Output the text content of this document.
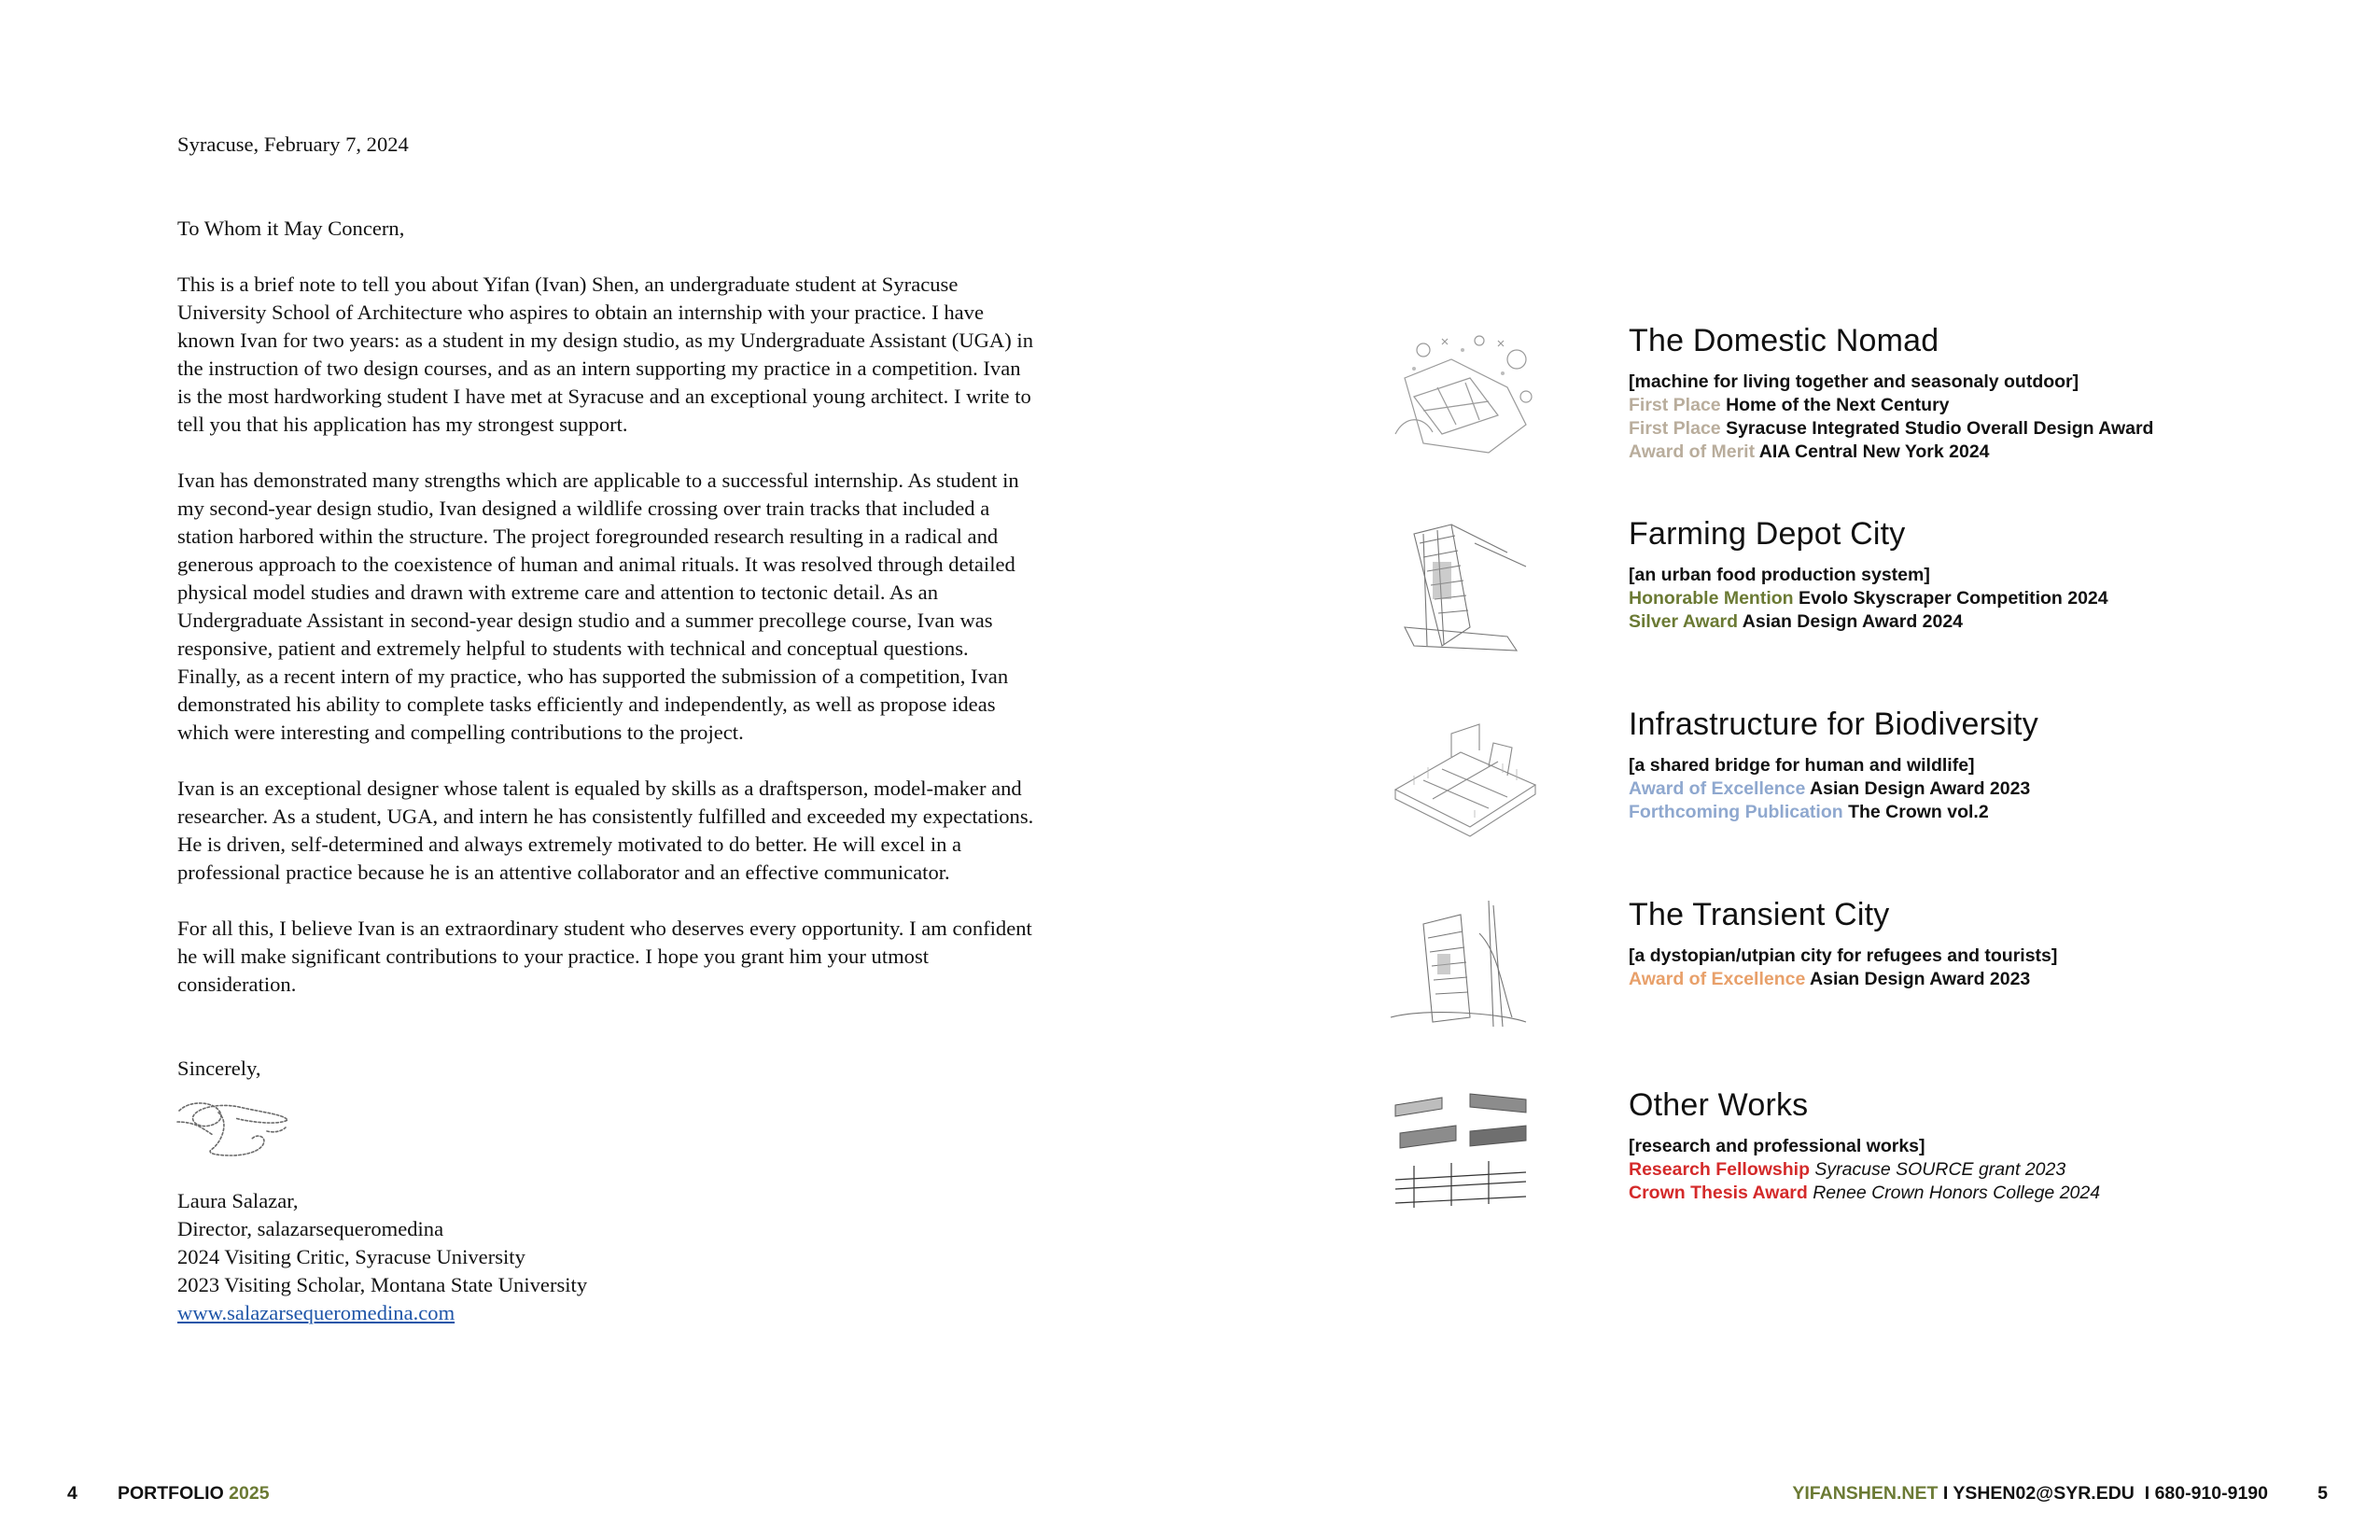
Syracuse, February 7, 2024

To Whom it May Concern,

This is a brief note to tell you about Yifan (Ivan) Shen, an undergraduate student at Syracuse University School of Architecture who aspires to obtain an internship with your practice. I have known Ivan for two years: as a student in my design studio, as my Undergraduate Assistant (UGA) in the instruction of two design courses, and as an intern supporting my practice in a competition. Ivan is the most hardworking student I have met at Syracuse and an exceptional young architect. I write to tell you that his application has my strongest support.

Ivan has demonstrated many strengths which are applicable to a successful internship. As student in my second-year design studio, Ivan designed a wildlife crossing over train tracks that included a station harbored within the structure. The project foregrounded research resulting in a radical and generous approach to the coexistence of human and animal rituals. It was resolved through detailed physical model studies and drawn with extreme care and attention to tectonic detail. As an Undergraduate Assistant in second-year design studio and a summer precollege course, Ivan was responsive, patient and extremely helpful to students with technical and conceptual questions. Finally, as a recent intern of my practice, who has supported the submission of a competition, Ivan demonstrated his ability to complete tasks efficiently and independently, as well as propose ideas which were interesting and compelling contributions to the project.

Ivan is an exceptional designer whose talent is equaled by skills as a draftsperson, model-maker and researcher. As a student, UGA, and intern he has consistently fulfilled and exceeded my expectations. He is driven, self-determined and always extremely motivated to do better. He will excel in a professional practice because he is an attentive collaborator and an effective communicator.

For all this, I believe Ivan is an extraordinary student who deserves every opportunity. I am confident he will make significant contributions to your practice. I hope you grant him your utmost consideration.

Sincerely,

Laura Salazar,
Director, salazarsequeromedina
2024 Visiting Critic, Syracuse University
2023 Visiting Scholar, Montana State University
www.salazarsequeromedina.com
The Domestic Nomad
[machine for living together and seasonaly outdoor]
First Place Home of the Next Century
First Place Syracuse Integrated Studio Overall Design Award
Award of Merit AIA Central New York 2024
Farming Depot City
[an urban food production system]
Honorable Mention Evolo Skyscraper Competition 2024
Silver Award Asian Design Award 2024
Infrastructure for Biodiversity
[a shared bridge for human and wildlife]
Award of Excellence Asian Design Award 2023
Forthcoming Publication The Crown vol.2
The Transient City
[a dystopian/utpian city for refugees and tourists]
Award of Excellence Asian Design Award 2023
Other Works
[research and professional works]
Research Fellowship Syracuse SOURCE grant 2023
Crown Thesis Award Renee Crown Honors College 2024
4 PORTFOLIO 2025	YIFANSHEN.NET I YSHEN02@SYR.EDU  I 680-910-9190	5
